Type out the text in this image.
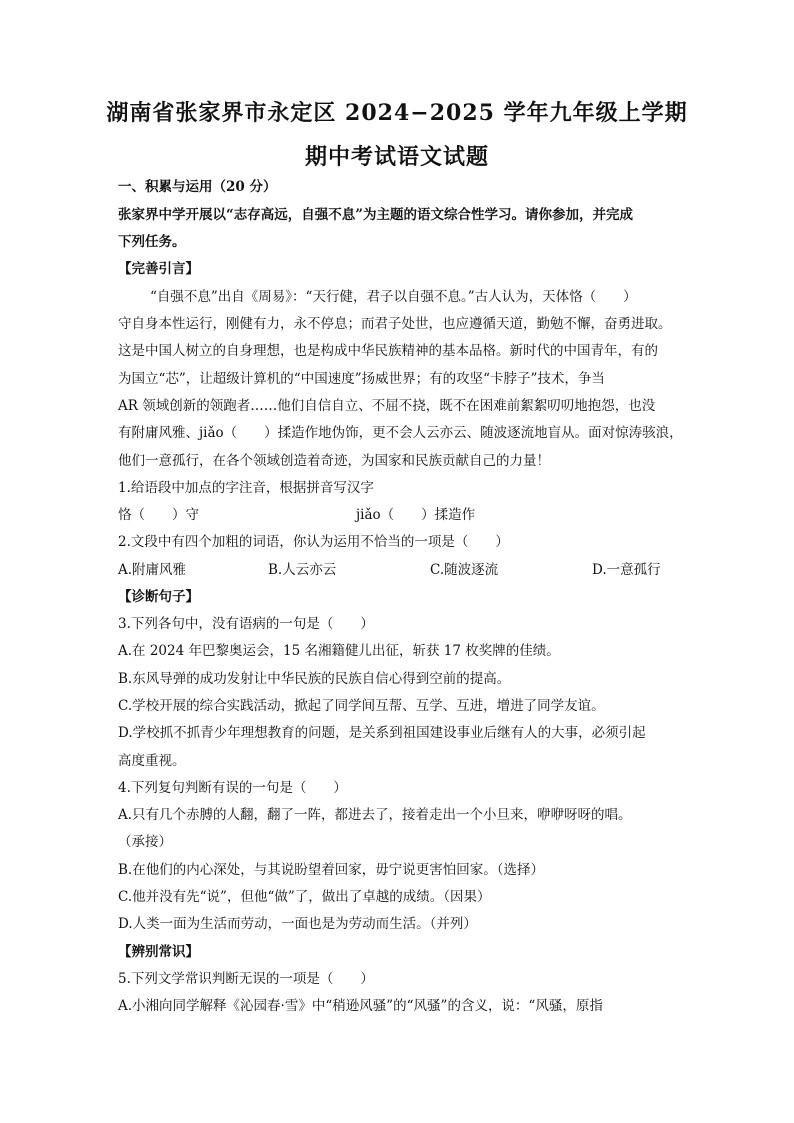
湖南省张家界市永定区 2024−2025 学年九年级上学期
期中考试语文试题
一、积累与运用（20 分）
张家界中学开展以“志存高远，自强不息”为主题的语文综合性学习。请你参加，并完成
下列任务。
【完善引言】
“自强不息”出自《周易》：“天行健，君子以自强不息。”古人认为，天体恪（　　）
守自身本性运行，刚健有力，永不停息；而君子处世，也应遵循天道，勤勉不懈，奋勇进取。
这是中国人树立的自身理想，也是构成中华民族精神的基本品格。新时代的中国青年，有的
为国立“芯”，让超级计算机的“中国速度”扬威世界；有的攻坚“卡脖子”技术，争当
AR 领域创新的领跑者……他们自信自立、不屈不挠，既不在困难前絮絮叨叨地抱怨，也没
有附庸风雅、jiǎo（　　）揉造作地伪饰，更不会人云亦云、随波逐流地盲从。面对惊涛骇浪，
他们一意孤行，在各个领域创造着奇迹，为国家和民族贡献自己的力量！
1.给语段中加点的字注音，根据拼音写汉字
恪（　　）守	jiǎo（　　）揉造作
2.文段中有四个加粗的词语，你认为运用不恰当的一项是（　　）
A.附庸风雅	B.人云亦云	C.随波逐流	D.一意孤行
【诊断句子】
3.下列各句中，没有语病的一句是（　　）
A.在 2024 年巴黎奥运会，15 名湘籍健儿出征，斩获 17 枚奖牌的佳绩。
B.东风导弹的成功发射让中华民族的民族自信心得到空前的提高。
C.学校开展的综合实践活动，掀起了同学间互帮、互学、互进，增进了同学友谊。
D.学校抓不抓青少年理想教育的问题，是关系到祖国建设事业后继有人的大事，必须引起
高度重视。
4.下列复句判断有误的一句是（　　）
A.只有几个赤膊的人翻，翻了一阵，都进去了，接着走出一个小旦来，咿咿呀呀的唱。
（承接）
B.在他们的内心深处，与其说盼望着回家，毋宁说更害怕回家。（选择）
C.他并没有先“说”，但他“做”了，做出了卓越的成绩。（因果）
D.人类一面为生活而劳动，一面也是为劳动而生活。（并列）
【辨别常识】
5.下列文学常识判断无误的一项是（　　）
A.小湘向同学解释《沁园春·雪》中“稍逊风骚”的“风骚”的含义，说：“风骚，原指
